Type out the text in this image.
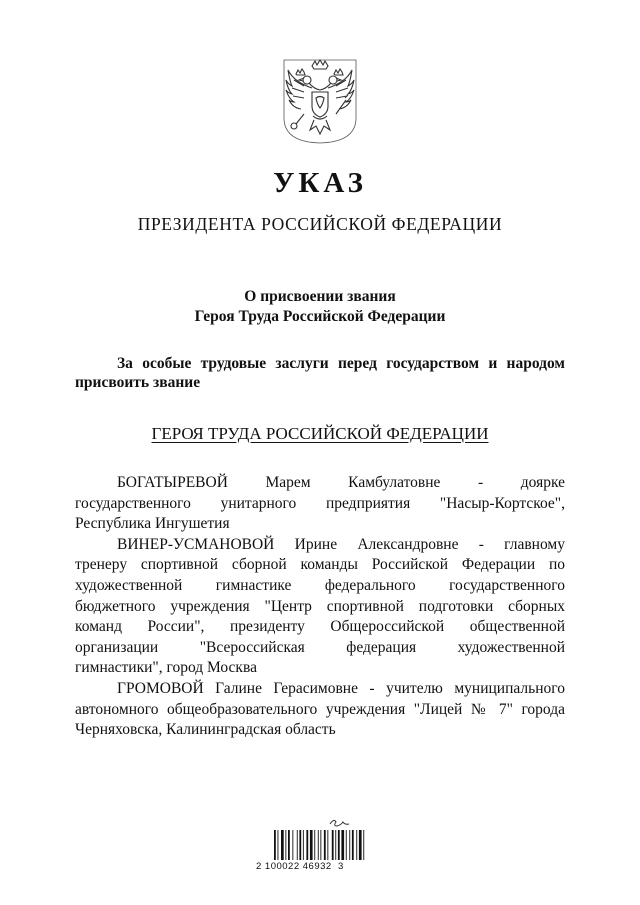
УКАЗ
ПРЕЗИДЕНТА РОССИЙСКОЙ ФЕДЕРАЦИИ
О присвоении звания
Героя Труда Российской Федерации
За особые трудовые заслуги перед государством и народом
присвоить звание
ГЕРОЯ ТРУДА РОССИЙСКОЙ ФЕДЕРАЦИИ
БОГАТЫРЕВОЙ Марем Камбулатовне - доярке
государственного унитарного предприятия "Насыр-Кортское",
Республика Ингушетия
ВИНЕР-УСМАНОВОЙ Ирине Александровне - главному
тренеру спортивной сборной команды Российской Федерации по
художественной гимнастике федерального государственного
бюджетного учреждения "Центр спортивной подготовки сборных
команд России", президенту Общероссийской общественной
организации "Всероссийская федерация художественной
гимнастики", город Москва
ГРОМОВОЙ Галине Герасимовне - учителю муниципального
автономного общеобразовательного учреждения "Лицей № 7" города
Черняховска, Калининградская область
2 100022 46932  3
